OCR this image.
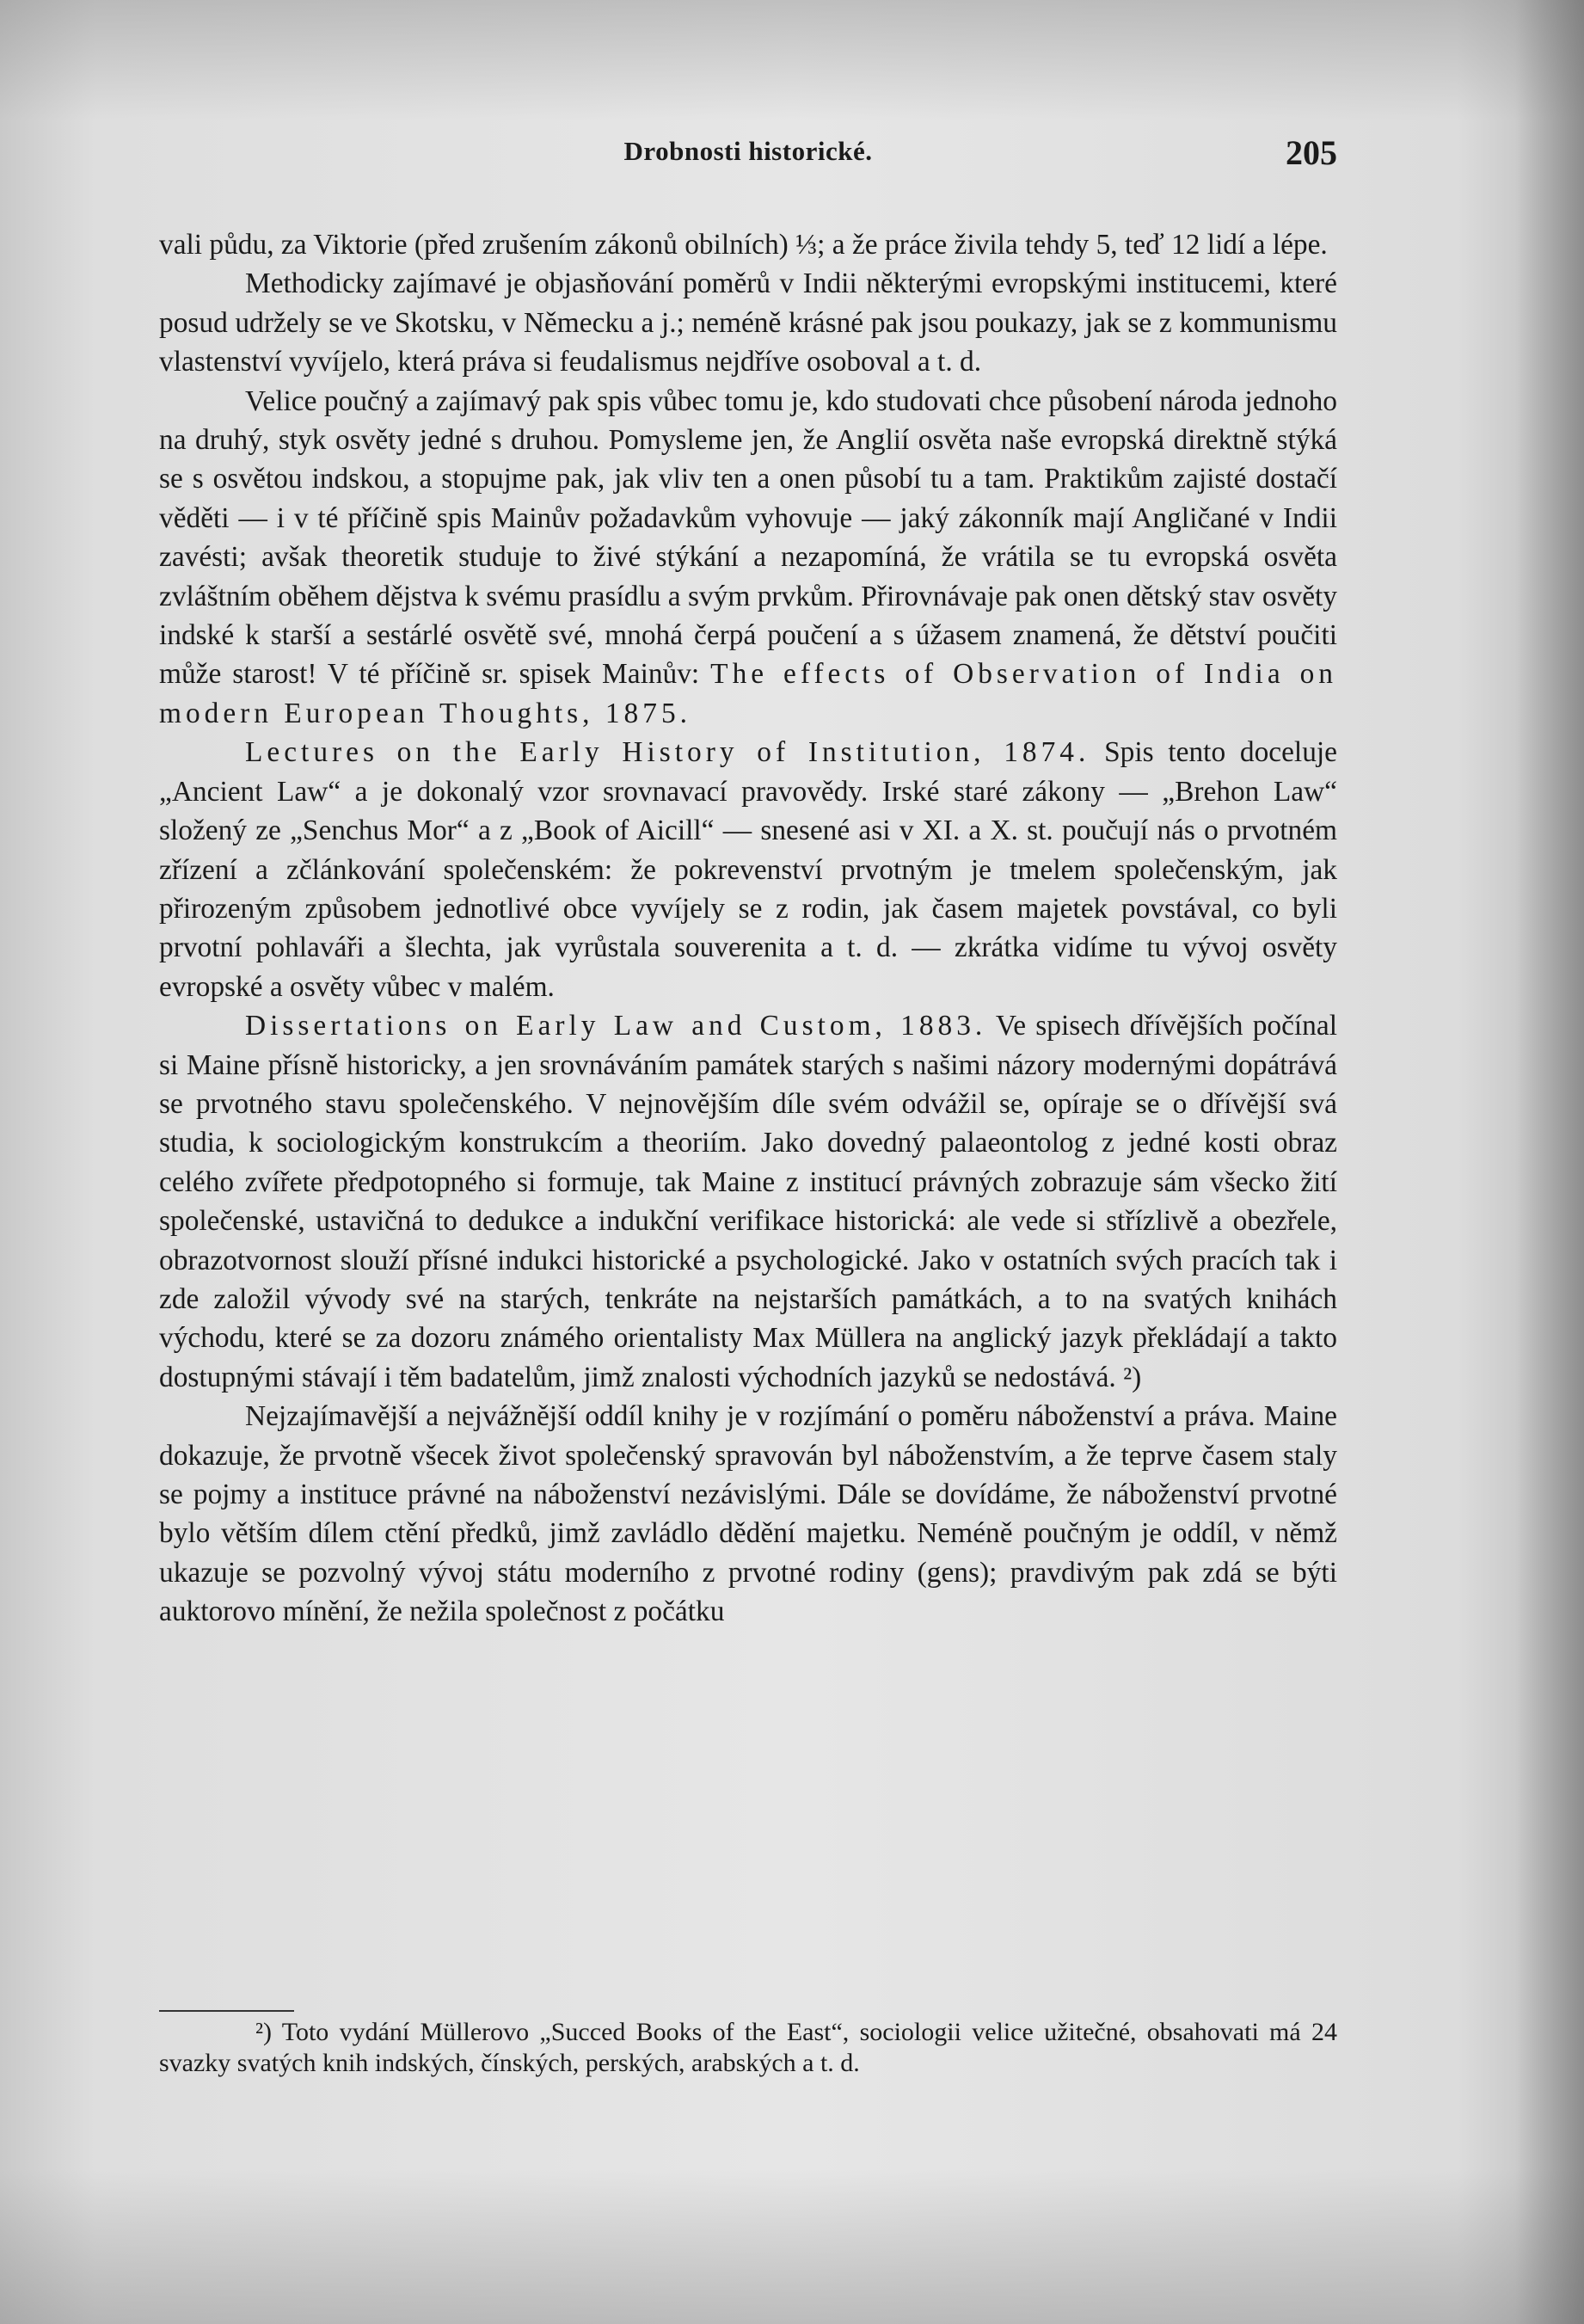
Drobnosti historické.	205

vali půdu, za Viktorie (před zrušením zákonů obilních) ⅓; a že práce živila tehdy 5, teď 12 lidí a lépe.

Methodicky zajímavé je objasňování poměrů v Indii některými evropskými institucemi, které posud udržely se ve Skotsku, v Německu a j.; neméně krásné pak jsou poukazy, jak se z kommunismu vlastenství vyvíjelo, která práva si feudalismus nejdříve osoboval a t. d.

Velice poučný a zajímavý pak spis vůbec tomu je, kdo studovati chce působení národa jednoho na druhý, styk osvěty jedné s druhou. Pomysleme jen, že Anglií osvěta naše evropská direktně stýká se s osvětou indskou, a stopujme pak, jak vliv ten a onen působí tu a tam. Praktikům zajisté dostačí věděti — i v té příčině spis Mainův požadavkům vyhovuje — jaký zákonník mají Angličané v Indii zavésti; avšak theoretik studuje to živé stýkání a nezapomíná, že vrátila se tu evropská osvěta zvláštním oběhem dějstva k svému prasídlu a svým prvkům. Přirovnávaje pak onen dětský stav osvěty indské k starší a sestárlé osvětě své, mnohá čerpá poučení a s úžasem znamená, že dětství poučiti může starost! V té příčině sr. spisek Mainův: The effects of Observation of India on modern European Thoughts, 1875.

Lectures on the Early History of Institution, 1874. Spis tento doceluje „Ancient Law“ a je dokonalý vzor srovnavací pravovědy. Irské staré zákony — „Brehon Law“ složený ze „Senchus Mor“ a z „Book of Aicill“ — snesené asi v XI. a X. st. poučují nás o prvotném zřízení a zčlánkování společenském: že pokrevenství prvotným je tmelem společenským, jak přirozeným způsobem jednotlivé obce vyvíjely se z rodin, jak časem majetek povstával, co byli prvotní pohlaváři a šlechta, jak vyrůstala souverenita a t. d. — zkrátka vidíme tu vývoj osvěty evropské a osvěty vůbec v malém.

Dissertations on Early Law and Custom, 1883. Ve spisech dřívějších počínal si Maine přísně historicky, a jen srovnáváním památek starých s našimi názory modernými dopátrává se prvotného stavu společenského. V nejnovějším díle svém odvážil se, opíraje se o dřívější svá studia, k sociologickým konstrukcím a theoriím. Jako dovedný palaeontolog z jedné kosti obraz celého zvířete předpotopného si formuje, tak Maine z institucí právných zobrazuje sám všecko žití společenské, ustavičná to dedukce a indukční verifikace historická: ale vede si střízlivě a obezřele, obrazotvornost slouží přísné indukci historické a psychologické. Jako v ostatních svých pracích tak i zde založil vývody své na starých, tenkráte na nejstarších památkách, a to na svatých knihách východu, které se za dozoru známého orientalisty Max Müllera na anglický jazyk překládají a takto dostupnými stávají i těm badatelům, jimž znalosti východních jazyků se nedostává. ²)

Nejzajímavější a nejvážnější oddíl knihy je v rozjímání o poměru náboženství a práva. Maine dokazuje, že prvotně všecek život společenský spravován byl náboženstvím, a že teprve časem staly se pojmy a instituce právné na náboženství nezávislými. Dále se dovídáme, že náboženství prvotné bylo větším dílem ctění předků, jimž zavládlo dědění majetku. Neméně poučným je oddíl, v němž ukazuje se pozvolný vývoj státu moderního z prvotné rodiny (gens); pravdivým pak zdá se býti auktorovo mínění, že nežila společnost z počátku

²) Toto vydání Müllerovo „Succed Books of the East“, sociologii velice užitečné, obsahovati má 24 svazky svatých knih indských, čínských, perských, arabských a t. d.
